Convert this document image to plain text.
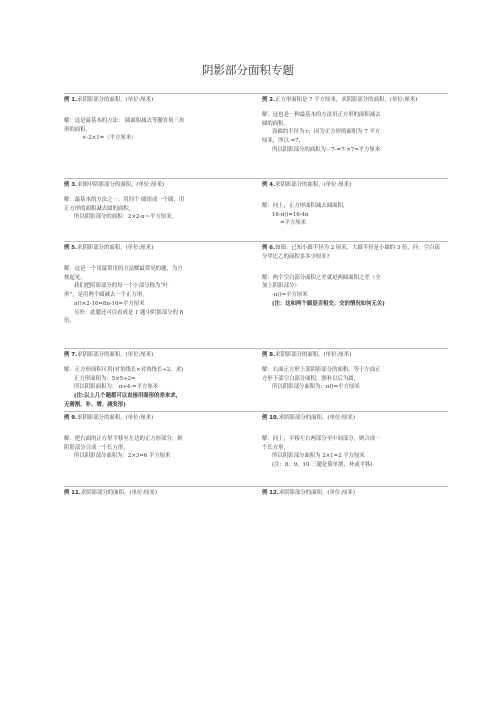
阴影部分面积专题
例 1.求阴影部分的面积。(单位:厘米)
解：这是最基本的方法： 圆面积减去等腰直角三角
形的面积，
×-2×1=（平方厘米）
例 2.正方形面积是 7 平方厘米，求阴影部分的面积。(单位:厘米)
解：这也是一种最基本的方法用正方形的面积减去
圆的面积。
设圆的半径为 r，因为正方形的面积为 7 平方
厘米，所以 =7，
所以阴影部分的面积为：7-=7-×7=平方厘米
例 3.求图中阴影部分的面积。(单位:厘米)
解：最基本的方法之一。用四个 圆组成一个圆，用
正方形的面积减去圆的面积，
所以阴影部分的面积：2×2-π＝平方厘米。
例 4.求阴影部分的面积。(单位:厘米)
解：同上，正方形面积减去圆面积，
16-π()=16-4π
=平方厘米
例 5.求阴影部分的面积。(单位:厘米)
解：这是一个用最常用的方法解最常见的题，为方
便起见，
我们把阴影部分的每一个小部分称为“叶
形”，是用两个圆减去一个正方形，
π()×2-16=8π-16=平方厘米
另外：此题还可以看成是 1 题中阴影部分的 8
倍。
例 6.如图：已知小圆半径为 2 厘米，大圆半径是小圆的 3 倍，问：空白部分甲比乙的面积多多少厘米?
解：两个空白部分面积之差就是两圆面积之差（全
加上阴影部分）
-π()=平方厘米
(注：这和两个圆是否相交、交的情况如何无关)
例 7.求阴影部分的面积。(单位:厘米)
解：正方形面积可用(对角线长×对角线长÷2，求)
正方形面积为：5×5÷2=
所以阴影面积为： π÷4-=平方厘米
(注:以上几个题都可以直接用图形的差来求，
无需割、补、增、减变形)
例 8.求阴影部分的面积。(单位:厘米)
解：右面正方形上部阴影部分的面积，等于左面正
方形下部空白部分面积，割补以后为圆，
所以阴影部分面积为：π()=平方厘米
例 9.求阴影部分的面积。(单位:厘米)
解：把右面的正方形平移至左边的正方形部分，则
阴影部分合成一个长方形，
所以阴影部分面积为：2×3=6 平方厘米
例 10.求阴影部分的面积。(单位:厘米)
解：同上，平移左右两部分至中间部分，则合成一
个长方形，
所以阴影部分面积为 2×1=2 平方厘米
(注：8、9、10 三题是简单割、补或平移)
例 11.求阴影部分的面积。(单位:厘米)	例 12.求阴影部分的面积。(单位:厘米)
